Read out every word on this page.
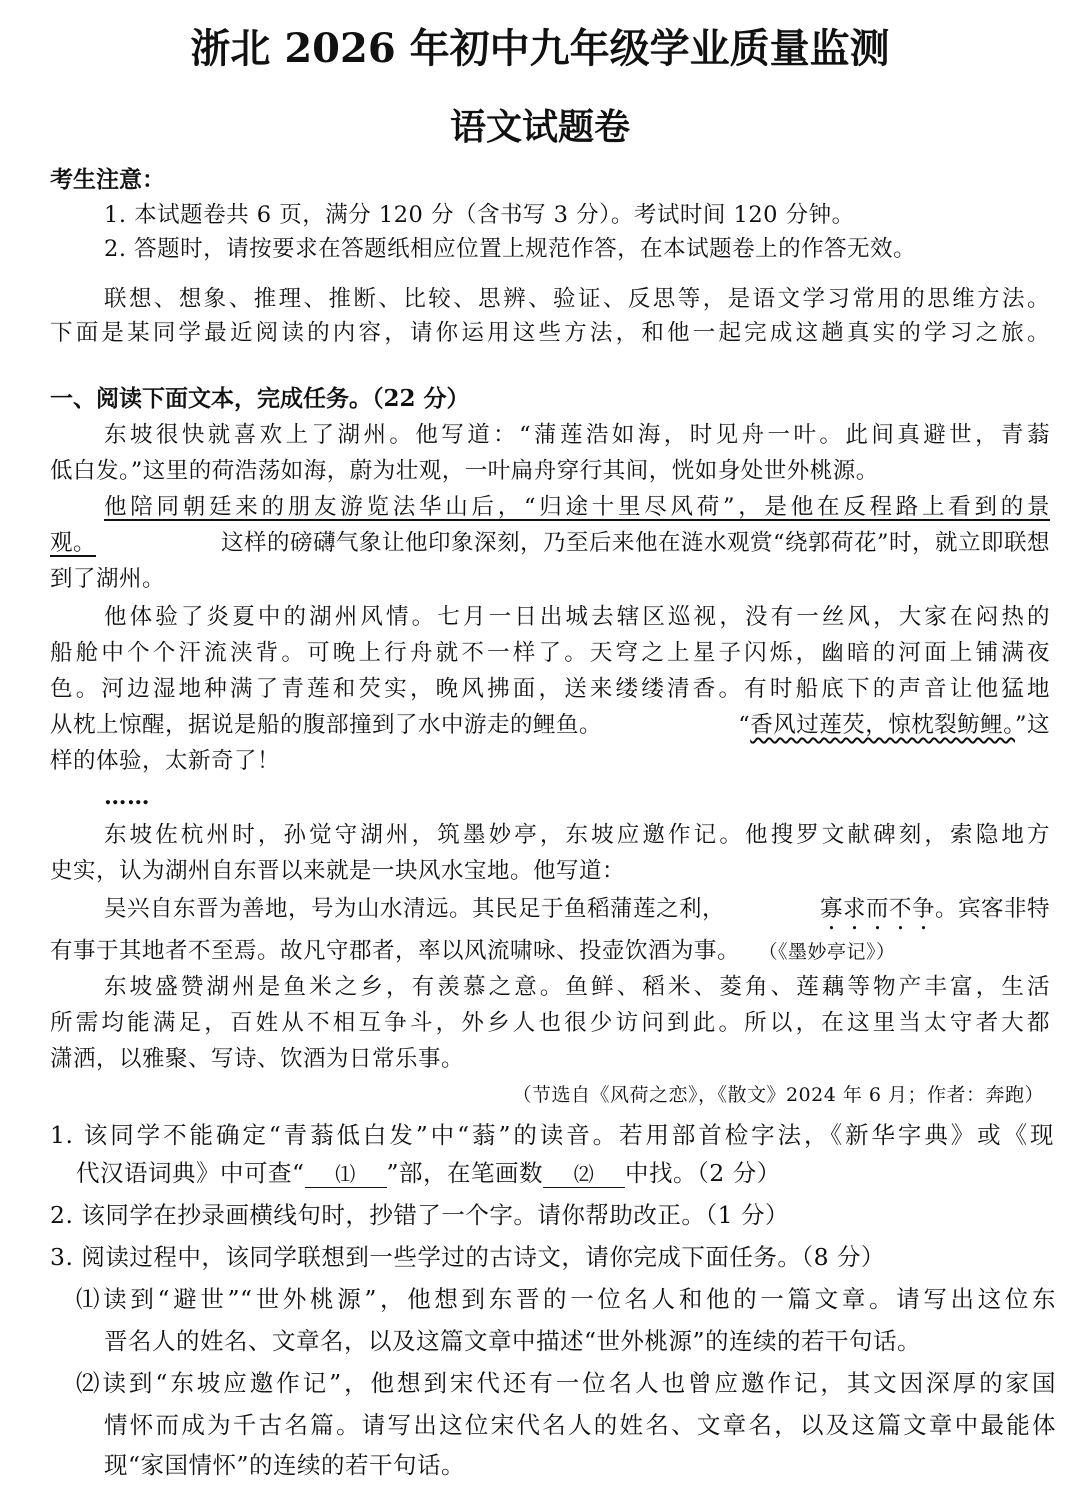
浙北 2026 年初中九年级学业质量监测
语文试题卷
考生注意：
1. 本试题卷共 6 页，满分 120 分（含书写 3 分）。考试时间 120 分钟。
2. 答题时，请按要求在答题纸相应位置上规范作答，在本试题卷上的作答无效。
联想、想象、推理、推断、比较、思辨、验证、反思等，是语文学习常用的思维方法。
下面是某同学最近阅读的内容，请你运用这些方法，和他一起完成这趟真实的学习之旅。
一、阅读下面文本，完成任务。（22 分）
东坡很快就喜欢上了湖州。他写道：“蒲莲浩如海，时见舟一叶。此间真避世，青蓊
低白发。”这里的荷浩荡如海，蔚为壮观，一叶扁舟穿行其间，恍如身处世外桃源。
他陪同朝廷来的朋友游览法华山后，“归途十里尽风荷”，是他在反程路上看到的景
观。	这样的磅礴气象让他印象深刻，乃至后来他在涟水观赏“绕郭荷花”时，就立即联想
到了湖州。
他体验了炎夏中的湖州风情。七月一日出城去辖区巡视，没有一丝风，大家在闷热的
船舱中个个汗流浃背。可晚上行舟就不一样了。天穹之上星子闪烁，幽暗的河面上铺满夜
色。河边湿地种满了青莲和芡实，晚风拂面，送来缕缕清香。有时船底下的声音让他猛地
从枕上惊醒，据说是船的腹部撞到了水中游走的鲤鱼。	“香风过莲芡，惊枕裂鲂鲤。”这
样的体验，太新奇了！
……
东坡佐杭州时，孙觉守湖州，筑墨妙亭，东坡应邀作记。他搜罗文献碑刻，索隐地方
史实，认为湖州自东晋以来就是一块风水宝地。他写道：
吴兴自东晋为善地，号为山水清远。其民足于鱼稻蒲莲之利，	寡求而不争。宾客非特
有事于其地者不至焉。故凡守郡者，率以风流啸咏、投壶饮酒为事。 （《墨妙亭记》）
东坡盛赞湖州是鱼米之乡，有羡慕之意。鱼鲜、稻米、菱角、莲藕等物产丰富，生活
所需均能满足，百姓从不相互争斗，外乡人也很少访问到此。所以，在这里当太守者大都
潇洒，以雅聚、写诗、饮酒为日常乐事。
（节选自《风荷之恋》，《散文》2024 年 6 月；作者：奔跑）
1. 该同学不能确定“青蓊低白发”中“蓊”的读音。若用部首检字法，《新华字典》或《现
代汉语词典》中可查“ ⑴ ”部，在笔画数 ⑵ 中找。（2 分）
2. 该同学在抄录画横线句时，抄错了一个字。请你帮助改正。（1 分）
3. 阅读过程中，该同学联想到一些学过的古诗文，请你完成下面任务。（8 分）
⑴读到“避世”“世外桃源”，他想到东晋的一位名人和他的一篇文章。请写出这位东
晋名人的姓名、文章名，以及这篇文章中描述“世外桃源”的连续的若干句话。
⑵读到“东坡应邀作记”，他想到宋代还有一位名人也曾应邀作记，其文因深厚的家国
情怀而成为千古名篇。请写出这位宋代名人的姓名、文章名，以及这篇文章中最能体
现“家国情怀”的连续的若干句话。
